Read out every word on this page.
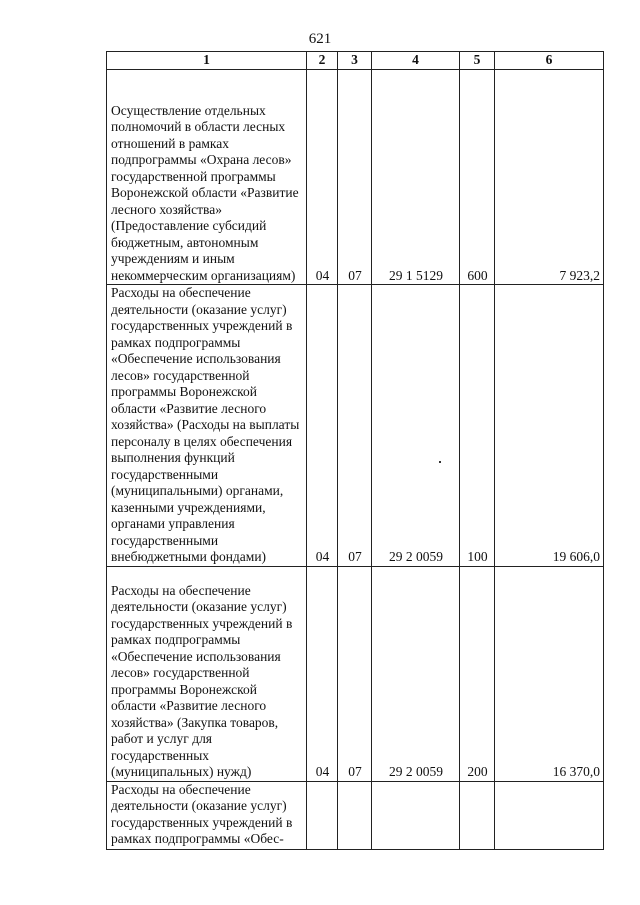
621
1	2	3	4	5	6
Осуществление отдельных полномочий в области лесных отношений в рамках подпрограммы «Охрана лесов» государственной программы Воронежской области «Развитие лесного хозяйства» (Предоставление субсидий бюджетным, автономным учреждениям и иным некоммерческим организациям)	04	07	29 1 5129	600	7 923,2
Расходы на обеспечение деятельности (оказание услуг) государственных учреждений в рамках подпрограммы «Обеспечение использования лесов» государственной программы Воронежской области «Развитие лесного хозяйства» (Расходы на выплаты персоналу в целях обеспечения выполнения функций государственными (муниципальными) органами, казенными учреждениями, органами управления государственными внебюджетными фондами)	04	07	29 2 0059	100	19 606,0
Расходы на обеспечение деятельности (оказание услуг) государственных учреждений в рамках подпрограммы «Обеспечение использования лесов» государственной программы Воронежской области «Развитие лесного хозяйства» (Закупка товаров, работ и услуг для государственных (муниципальных) нужд)	04	07	29 2 0059	200	16 370,0
Расходы на обеспечение деятельности (оказание услуг) государственных учреждений в рамках подпрограммы «Обес-					
